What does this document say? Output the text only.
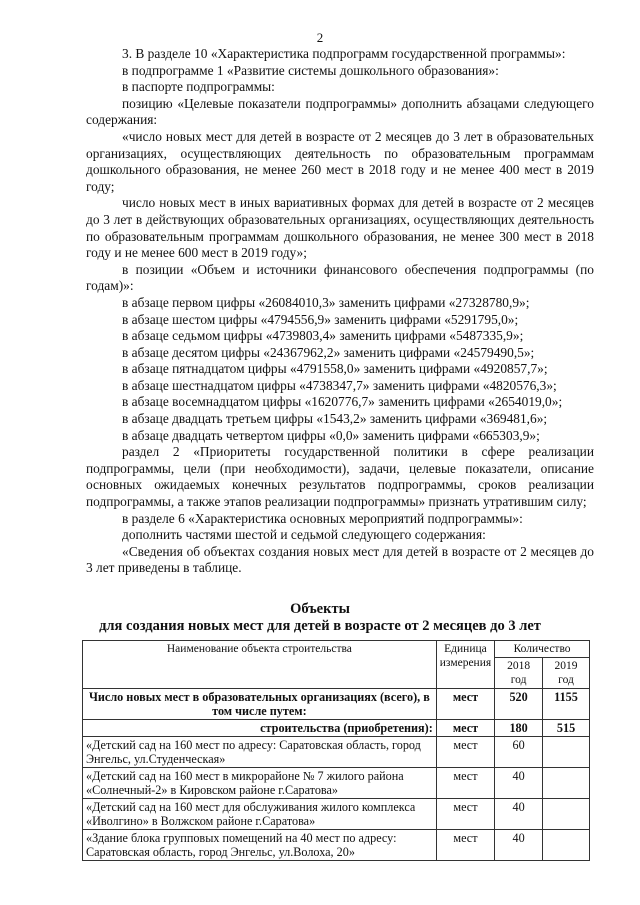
2

3. В разделе 10 «Характеристика подпрограмм государственной программы»:

в подпрограмме 1 «Развитие системы дошкольного образования»:

в паспорте подпрограммы:

позицию «Целевые показатели подпрограммы» дополнить абзацами следующего содержания:

«число новых мест для детей в возрасте от 2 месяцев до 3 лет в образовательных организациях, осуществляющих деятельность по образовательным программам дошкольного образования, не менее 260 мест в 2018 году и не менее 400 мест в 2019 году;

число новых мест в иных вариативных формах для детей в возрасте от 2 месяцев до 3 лет в действующих образовательных организациях, осуществляющих деятельность по образовательным программам дошкольного образования, не менее 300 мест в 2018 году и не менее 600 мест в 2019 году»;

в позиции «Объем и источники финансового обеспечения подпрограммы (по годам)»:

в абзаце первом цифры «26084010,3» заменить цифрами «27328780,9»;

в абзаце шестом цифры «4794556,9» заменить цифрами «5291795,0»;

в абзаце седьмом цифры «4739803,4» заменить цифрами «5487335,9»;

в абзаце десятом цифры «24367962,2» заменить цифрами «24579490,5»;

в абзаце пятнадцатом цифры «4791558,0» заменить цифрами «4920857,7»;

в абзаце шестнадцатом цифры «4738347,7» заменить цифрами «4820576,3»;

в абзаце восемнадцатом цифры «1620776,7» заменить цифрами «2654019,0»;

в абзаце двадцать третьем цифры «1543,2» заменить цифрами «369481,6»;

в абзаце двадцать четвертом цифры «0,0» заменить цифрами «665303,9»;

раздел 2 «Приоритеты государственной политики в сфере реализации подпрограммы, цели (при необходимости), задачи, целевые показатели, описание основных ожидаемых конечных результатов подпрограммы, сроков реализации подпрограммы, а также этапов реализации подпрограммы» признать утратившим силу;

в разделе 6 «Характеристика основных мероприятий подпрограммы»:

дополнить частями шестой и седьмой следующего содержания:

«Сведения об объектах создания новых мест для детей в возрасте от 2 месяцев до 3 лет приведены в таблице.

Объекты
для создания новых мест для детей в возрасте от 2 месяцев до 3 лет
Наименование объекта строительства	Единица измерения	Количество	
		2018 год	2019 год
Число новых мест в образовательных организациях (всего), в том числе путем:	мест	520	1155
строительства (приобретения):	мест	180	515
«Детский сад на 160 мест по адресу: Саратовская область, город Энгельс, ул.Студенческая»	мест	60	
«Детский сад на 160 мест в микрорайоне № 7 жилого района «Солнечный-2» в Кировском районе г.Саратова»	мест	40	
«Детский сад на 160 мест для обслуживания жилого комплекса «Иволгино» в Волжском районе г.Саратова»	мест	40	
«Здание блока групповых помещений на 40 мест по адресу: Саратовская область, город Энгельс, ул.Волоха, 20»	мест	40	
